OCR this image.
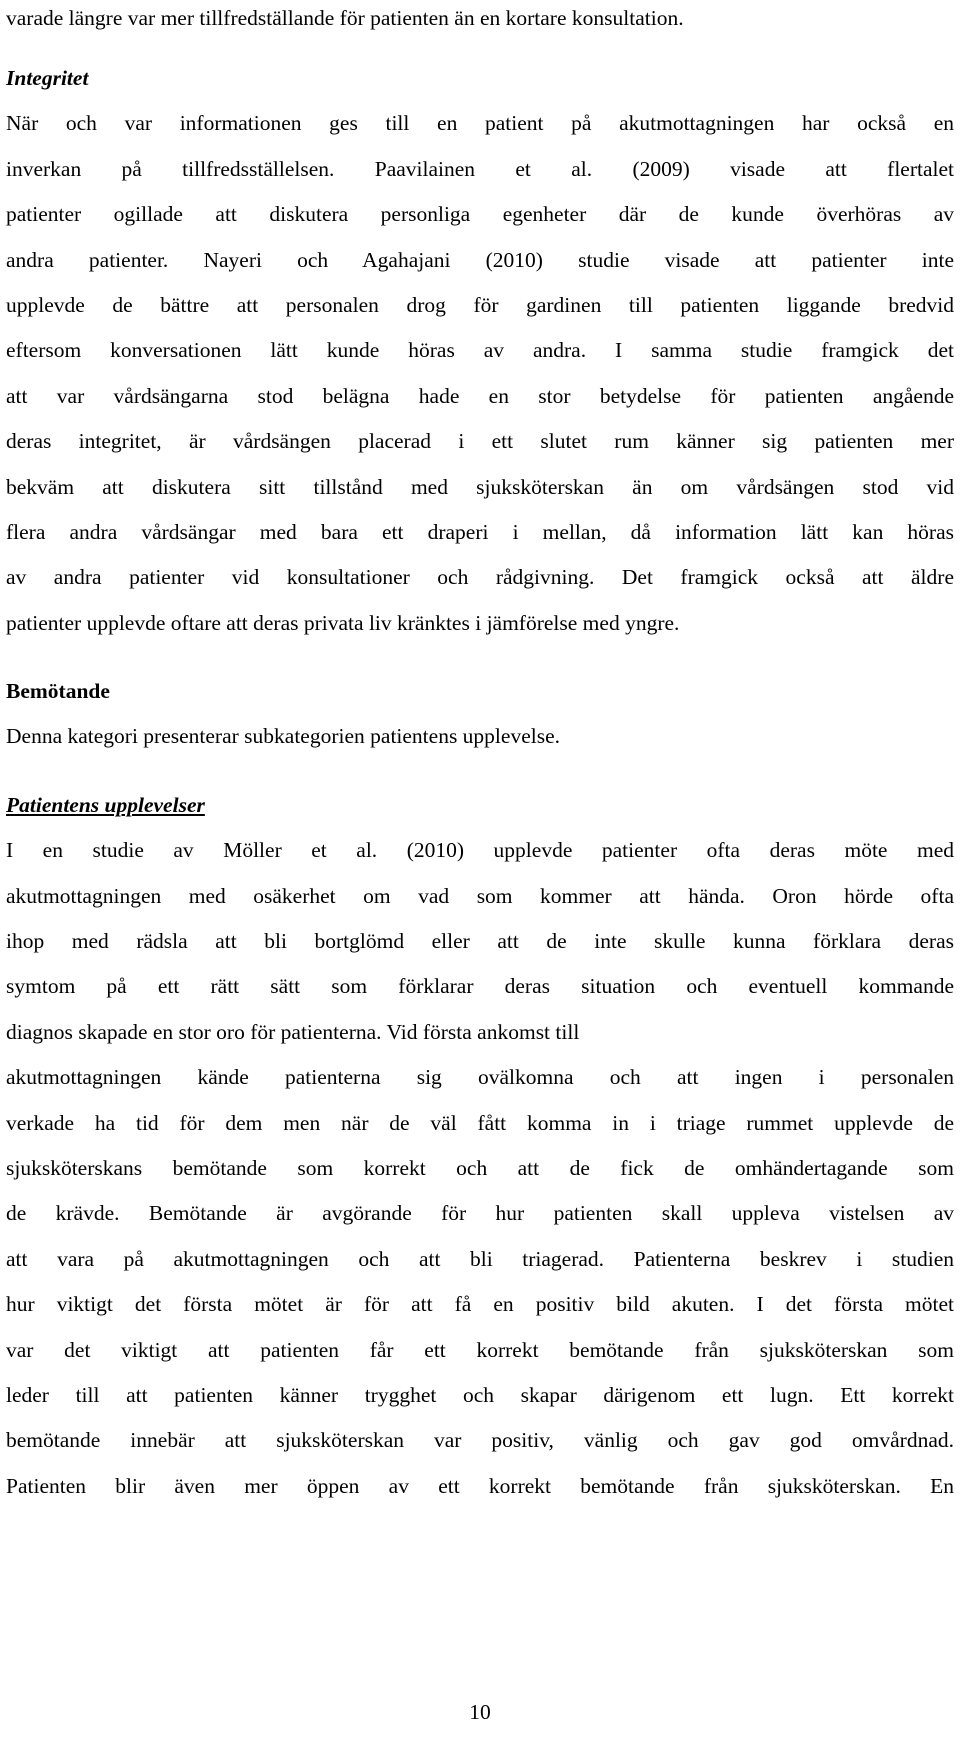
varade längre var mer tillfredställande för patienten än en kortare konsultation.
Integritet
När och var informationen ges till en patient på akutmottagningen har också en
inverkan på tillfredsställelsen. Paavilainen et al. (2009) visade att flertalet
patienter ogillade att diskutera personliga egenheter där de kunde överhöras av
andra patienter. Nayeri och Agahajani (2010) studie visade att patienter inte
upplevde de bättre att personalen drog för gardinen till patienten liggande bredvid
eftersom konversationen lätt kunde höras av andra. I samma studie framgick det
att var vårdsängarna stod belägna hade en stor betydelse för patienten angående
deras integritet, är vårdsängen placerad i ett slutet rum känner sig patienten mer
bekväm att diskutera sitt tillstånd med sjuksköterskan än om vårdsängen stod vid
flera andra vårdsängar med bara ett draperi i mellan, då information lätt kan höras
av andra patienter vid konsultationer och rådgivning. Det framgick också att äldre
patienter upplevde oftare att deras privata liv kränktes i jämförelse med yngre.
Bemötande
Denna kategori presenterar subkategorien patientens upplevelse.
Patientens upplevelser
I en studie av Möller et al. (2010) upplevde patienter ofta deras möte med
akutmottagningen med osäkerhet om vad som kommer att hända. Oron hörde ofta
ihop med rädsla att bli bortglömd eller att de inte skulle kunna förklara deras
symtom på ett rätt sätt som förklarar deras situation och eventuell kommande
diagnos skapade en stor oro för patienterna. Vid första ankomst till
akutmottagningen kände patienterna sig ovälkomna och att ingen i personalen
verkade ha tid för dem men när de väl fått komma in i triage rummet upplevde de
sjuksköterskans bemötande som korrekt och att de fick de omhändertagande som
de krävde. Bemötande är avgörande för hur patienten skall uppleva vistelsen av
att vara på akutmottagningen och att bli triagerad. Patienterna beskrev i studien
hur viktigt det första mötet är för att få en positiv bild akuten. I det första mötet
var det viktigt att patienten får ett korrekt bemötande från sjuksköterskan som
leder till att patienten känner trygghet och skapar därigenom ett lugn. Ett korrekt
bemötande innebär att sjuksköterskan var positiv, vänlig och gav god omvårdnad.
Patienten blir även mer öppen av ett korrekt bemötande från sjuksköterskan. En
10
